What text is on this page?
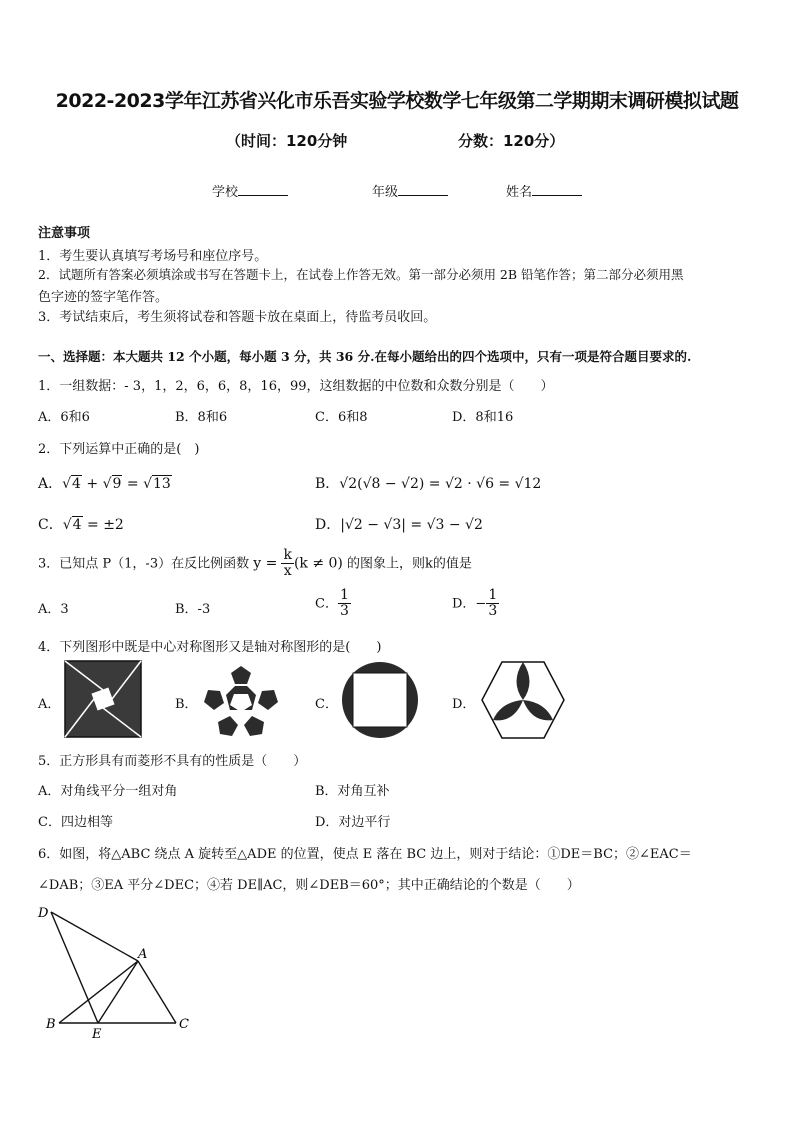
2022-2023学年江苏省兴化市乐吾实验学校数学七年级第二学期期末调研模拟试题
（时间：120分钟	分数：120分）
学校	年级	姓名
注意事项
1．考生要认真填写考场号和座位序号。
2．试题所有答案必须填涂或书写在答题卡上，在试卷上作答无效。第一部分必须用 2B 铅笔作答；第二部分必须用黑
色字迹的签字笔作答。
3．考试结束后，考生须将试卷和答题卡放在桌面上，待监考员收回。
一、选择题：本大题共 12 个小题，每小题 3 分，共 36 分.在每小题给出的四个选项中，只有一项是符合题目要求的.
1．一组数据：- 3，1，2，6，6，8，16，99，这组数据的中位数和众数分别是（　　）
A．6和6	B．8和6	C．6和8	D．8和16
2．下列运算中正确的是(　)
A．√4 + √9 = √13	B．√2(√8 − √2) = √2 · √6 = √12
C．√4 = ±2	D．|√2 − √3| = √3 − √2
3．已知点 P（1，-3）在反比例函数 $y = \frac{k}{x} (k \ne 0)$ 的图象上，则k的值是
A．3	B．-3	C． $\frac{1}{3}$	D．− $\frac{1}{3}$
4．下列图形中既是中心对称图形又是轴对称图形的是(　　)
A．	B．	C．	D．
5．正方形具有而菱形不具有的性质是（　　）
A．对角线平分一组对角	B．对角互补
C．四边相等	D．对边平行
6．如图，将△ABC 绕点 A 旋转至△ADE 的位置，使点 E 落在 BC 边上，则对于结论：①DE＝BC；②∠EAC＝
∠DAB；③EA 平分∠DEC；④若 DE∥AC，则∠DEB＝60°；其中正确结论的个数是（　　）
D
A
B
E
C
